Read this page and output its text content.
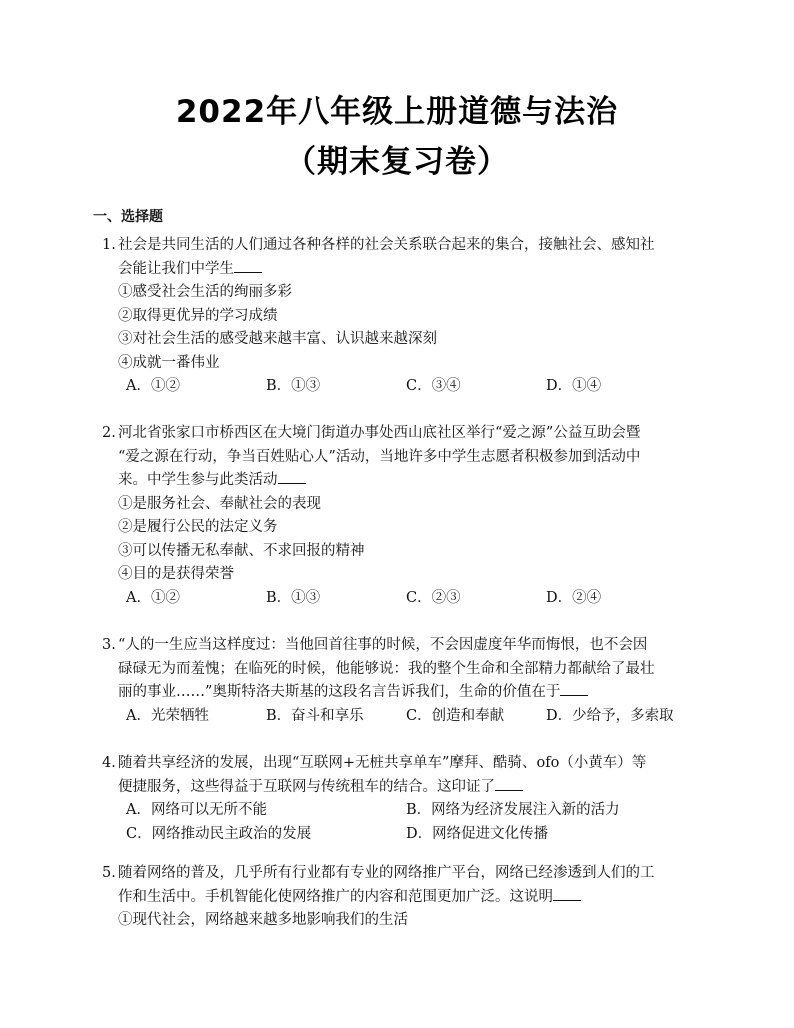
2022年八年级上册道德与法治
（期末复习卷）
一、选择题
1. 社会是共同生活的人们通过各种各样的社会关系联合起来的集合，接触社会、感知社
会能让我们中学生
①感受社会生活的绚丽多彩
②取得更优异的学习成绩
③对社会生活的感受越来越丰富、认识越来越深刻
④成就一番伟业
A．①②	B．①③	C．③④	D．①④
2. 河北省张家口市桥西区在大境门街道办事处西山底社区举行“爱之源”公益互助会暨
“爱之源在行动，争当百姓贴心人”活动，当地许多中学生志愿者积极参加到活动中
来。中学生参与此类活动
①是服务社会、奉献社会的表现
②是履行公民的法定义务
③可以传播无私奉献、不求回报的精神
④目的是获得荣誉
A．①②	B．①③	C．②③	D．②④
3. “人的一生应当这样度过：当他回首往事的时候，不会因虚度年华而悔恨，也不会因
碌碌无为而羞愧；在临死的时候，他能够说：我的整个生命和全部精力都献给了最壮
丽的事业……”奥斯特洛夫斯基的这段名言告诉我们，生命的价值在于
A．光荣牺牲	B．奋斗和享乐	C．创造和奉献	D．少给予，多索取
4. 随着共享经济的发展，出现“互联网+无桩共享单车”摩拜、酷骑、ofo（小黄车）等
便捷服务，这些得益于互联网与传统租车的结合。这印证了
A．网络可以无所不能	B．网络为经济发展注入新的活力
C．网络推动民主政治的发展	D．网络促进文化传播
5. 随着网络的普及，几乎所有行业都有专业的网络推广平台，网络已经渗透到人们的工
作和生活中。手机智能化使网络推广的内容和范围更加广泛。这说明
①现代社会，网络越来越多地影响我们的生活
